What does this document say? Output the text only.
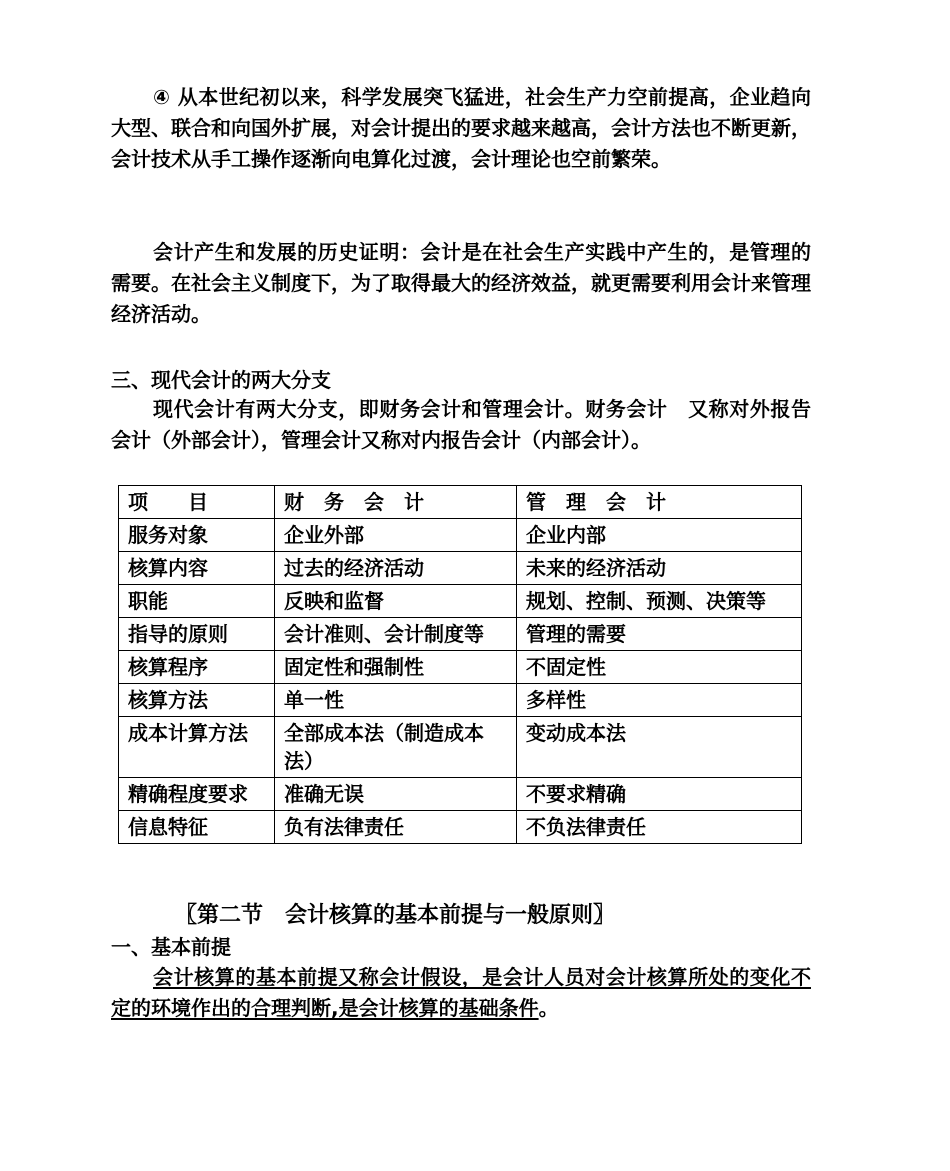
④ 从本世纪初以来，科学发展突飞猛进，社会生产力空前提高，企业趋向大型、联合和向国外扩展，对会计提出的要求越来越高，会计方法也不断更新，会计技术从手工操作逐渐向电算化过渡，会计理论也空前繁荣。

会计产生和发展的历史证明：会计是在社会生产实践中产生的，是管理的需要。在社会主义制度下，为了取得最大的经济效益，就更需要利用会计来管理经济活动。

三、现代会计的两大分支

现代会计有两大分支，即财务会计和管理会计。财务会计　又称对外报告会计（外部会计），管理会计又称对内报告会计（内部会计）。

项　　目	财　务　会　计	管　理　会　计
服务对象	企业外部	企业内部
核算内容	过去的经济活动	未来的经济活动
职能	反映和监督	规划、控制、预测、决策等
指导的原则	会计准则、会计制度等	管理的需要
核算程序	固定性和强制性	不固定性
核算方法	单一性	多样性
成本计算方法	全部成本法（制造成本法）	变动成本法
精确程度要求	准确无误	不要求精确
信息特征	负有法律责任	不负法律责任

〖第二节　会计核算的基本前提与一般原则〗

一、基本前提

会计核算的基本前提又称会计假设，是会计人员对会计核算所处的变化不定的环境作出的合理判断,是会计核算的基础条件。
